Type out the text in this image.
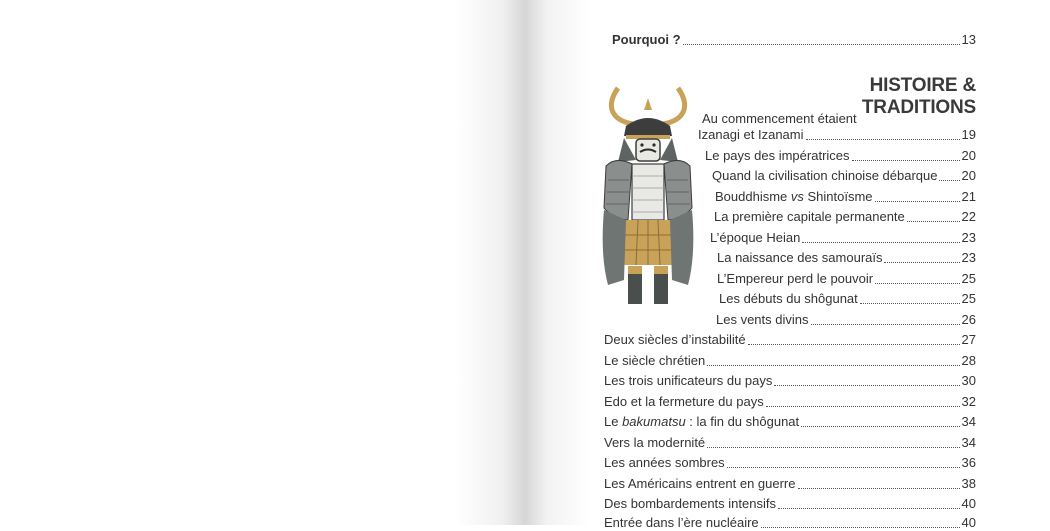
Pourquoi ?	13
HISTOIRE & TRADITIONS
Au commencement étaient
Izanagi et Izanami	19
Le pays des impératrices	20
Quand la civilisation chinoise débarque 20
Bouddhisme vs Shintoïsme	21
La première capitale permanente	22
L’époque Heian	23
La naissance des samouraïs	23
L’Empereur perd le pouvoir	25
Les débuts du shôgunat	25
Les vents divins	26
Deux siècles d’instabilité	27
Le siècle chrétien	28
Les trois unificateurs du pays	30
Edo et la fermeture du pays	32
Le bakumatsu : la fin du shôgunat	34
Vers la modernité	34
Les années sombres	36
Les Américains entrent en guerre	38
Des bombardements intensifs	40
Entrée dans l’ère nucléaire	40
